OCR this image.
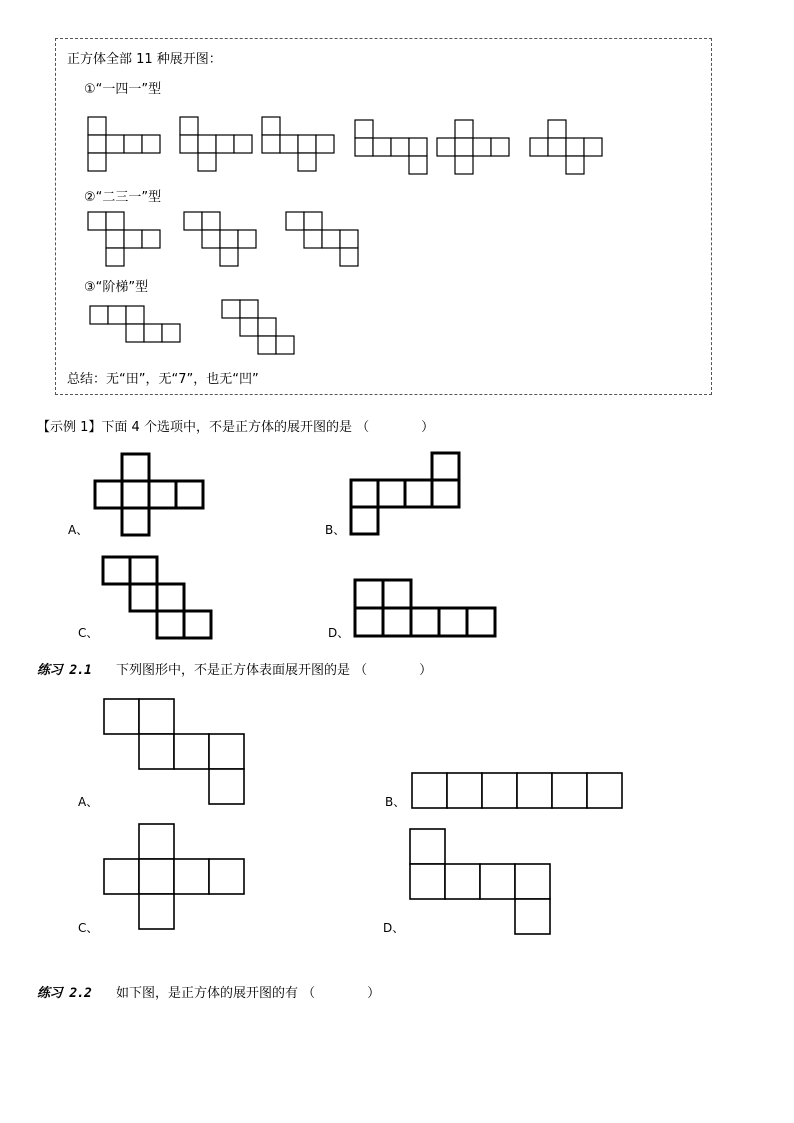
正方体全部 11 种展开图：
①“一四一”型
②“二三一”型
③“阶梯”型
总结：无“田”，无“7”，也无“凹”
【示例 1】下面 4 个选项中，不是正方体的展开图的是 （　　　　）
A、	B、
C、	D、
练习 2.1 下列图形中，不是正方体表面展开图的是 （　　　　）
A、	B、
C、	D、
练习 2.2 如下图，是正方体的展开图的有 （　　　　）
